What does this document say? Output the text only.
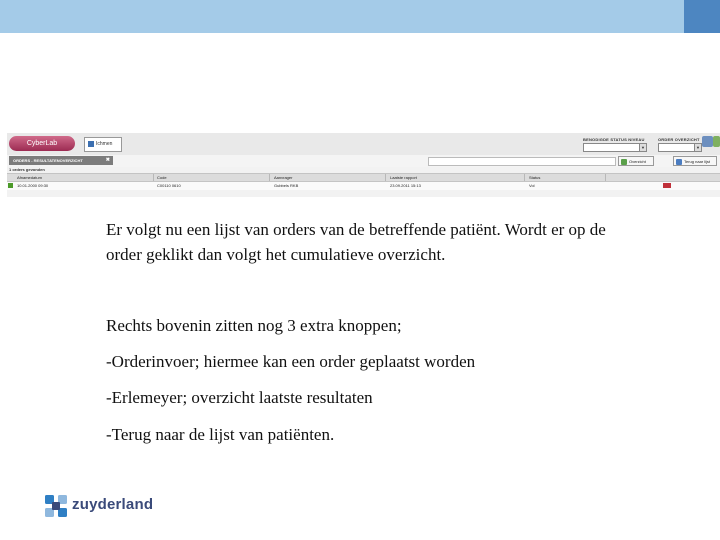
CyberLab	Ichmen
BENODIGDE STATUS NIVEAU
▼
ORDER OVERZICHT
▼
ORDERS - RESULTATENOVERZICHT	✖	Overzicht	Terug naar lijst
1 orders gevonden
Afnamedatum	Code	Aanvrager	Laatste rapport	Status
10.01.2000 09:30	C00110 0610	Gubbels RKB	23.09.2011 15:13	Vol

Er volgt nu een lijst van orders van de betreffende patiënt. Wordt er op de

order geklikt dan volgt het cumulatieve overzicht.

Rechts bovenin zitten nog 3 extra knoppen;

-Orderinvoer; hiermee kan een order geplaatst worden

-Erlemeyer; overzicht laatste resultaten

-Terug naar de lijst van patiënten.

zuyderland
